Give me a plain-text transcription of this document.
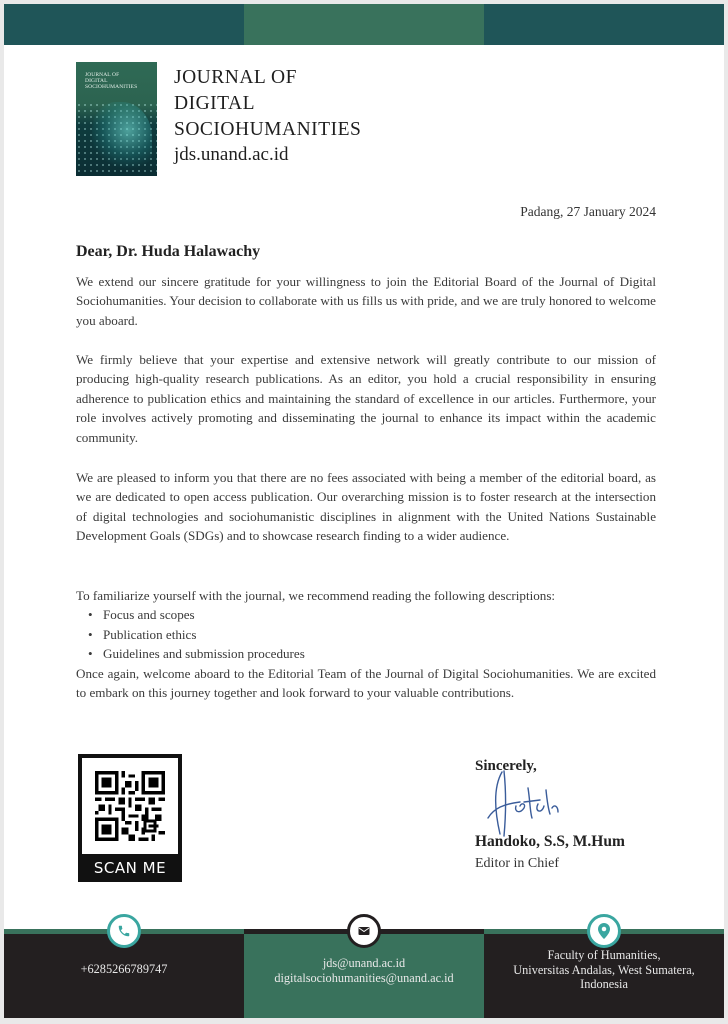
JOURNAL OF
DIGITAL
SOCIOHUMANITIES JOURNAL OF
DIGITAL
SOCIOHUMANITIES
jds.unand.ac.id
Padang, 27 January 2024
Dear, Dr. Huda Halawachy
We extend our sincere gratitude for your willingness to join the Editorial Board of the Journal of Digital Sociohumanities. Your decision to collaborate with us fills us with pride, and we are truly honored to welcome you aboard.
We firmly believe that your expertise and extensive network will greatly contribute to our mission of producing high-quality research publications. As an editor, you hold a crucial responsibility in ensuring adherence to publication ethics and maintaining the standard of excellence in our articles. Furthermore, your role involves actively promoting and disseminating the journal to enhance its impact within the academic community.
We are pleased to inform you that there are no fees associated with being a member of the editorial board, as we are dedicated to open access publication. Our overarching mission is to foster research at the intersection of digital technologies and sociohumanistic disciplines in alignment with the United Nations Sustainable Development Goals (SDGs) and to showcase research finding to a wider audience.
To familiarize yourself with the journal, we recommend reading the following descriptions:
• Focus and scopes
• Publication ethics
• Guidelines and submission procedures
Once again, welcome aboard to the Editorial Team of the Journal of Digital Sociohumanities. We are excited to embark on this journey together and look forward to your valuable contributions.
SCAN ME
Sincerely,
Handoko, S.S, M.Hum
Editor in Chief
+6285266789747	jds@unand.ac.id
digitalsociohumanities@unand.ac.id
Faculty of Humanities,
Universitas Andalas, West Sumatera,
Indonesia
